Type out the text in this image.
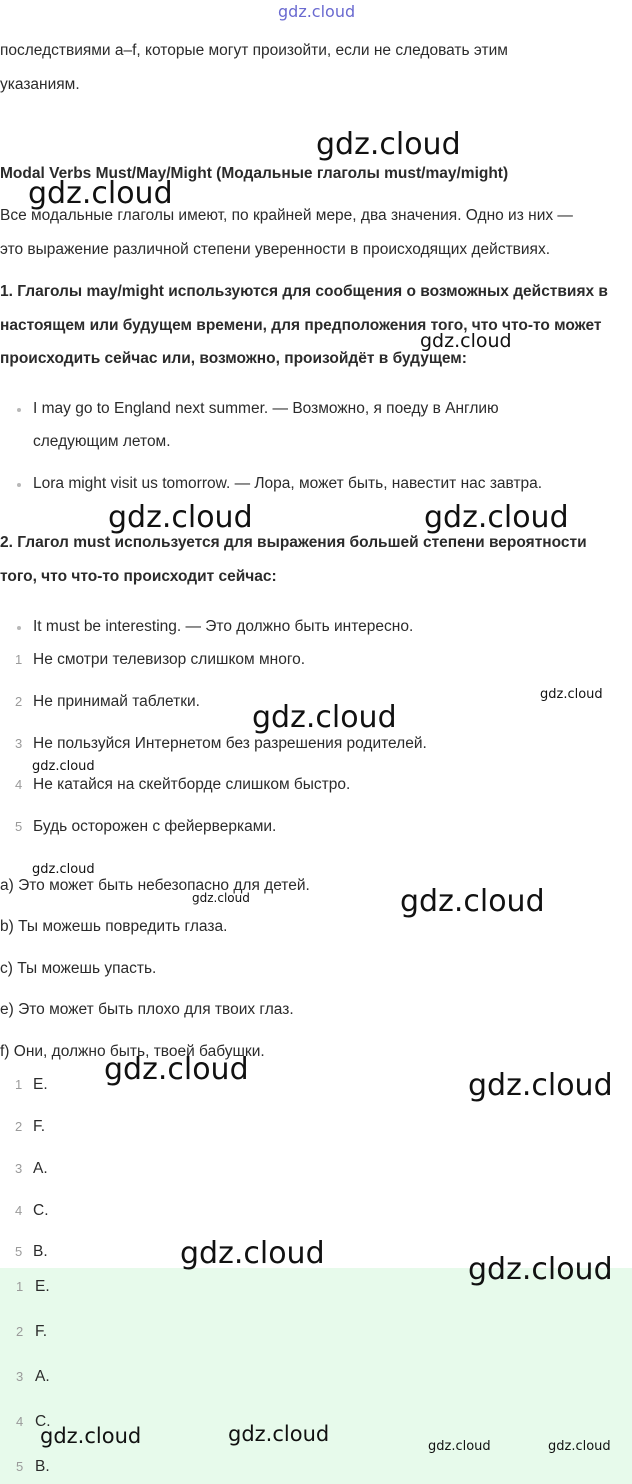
gdz.cloud
последствиями a–f, которые могут произойти, если не следовать этим
указаниям.
Modal Verbs Must/May/Might (Модальные глаголы must/may/might)
Все модальные глаголы имеют, по крайней мере, два значения. Одно из них —
это выражение различной степени уверенности в происходящих действиях.
1. Глаголы may/might используются для сообщения о возможных действиях в
настоящем или будущем времени, для предположения того, что что-то может
происходить сейчас или, возможно, произойдёт в будущем:
I may go to England next summer. — Возможно, я поеду в Англию
следующим летом.
Lora might visit us tomorrow. — Лора, может быть, навестит нас завтра.
2. Глагол must используется для выражения большей степени вероятности
того, что что-то происходит сейчас:
It must be interesting. — Это должно быть интересно.
1 Не смотри телевизор слишком много.
2 Не принимай таблетки.
3 Не пользуйся Интернетом без разрешения родителей.
4 Не катайся на скейтборде слишком быстро.
5 Будь осторожен с фейерверками.
a) Это может быть небезопасно для детей.
b) Ты можешь повредить глаза.
c) Ты можешь упасть.
e) Это может быть плохо для твоих глаз.
f) Они, должно быть, твоей бабушки.
1 E.
2 F.
3 A.
4 C.
5 B.
1 E.
2 F.
3 A.
4 C.
5 B.
gdz.cloud
gdz.cloud
gdz.cloud
gdz.cloud	gdz.cloud
gdz.cloud
gdz.cloud
gdz.cloud
gdz.cloud
gdz.cloud	gdz.cloud
gdz.cloud	gdz.cloud
gdz.cloud	gdz.cloud
gdz.cloud	gdz.cloud
gdz.cloud	gdz.cloud
